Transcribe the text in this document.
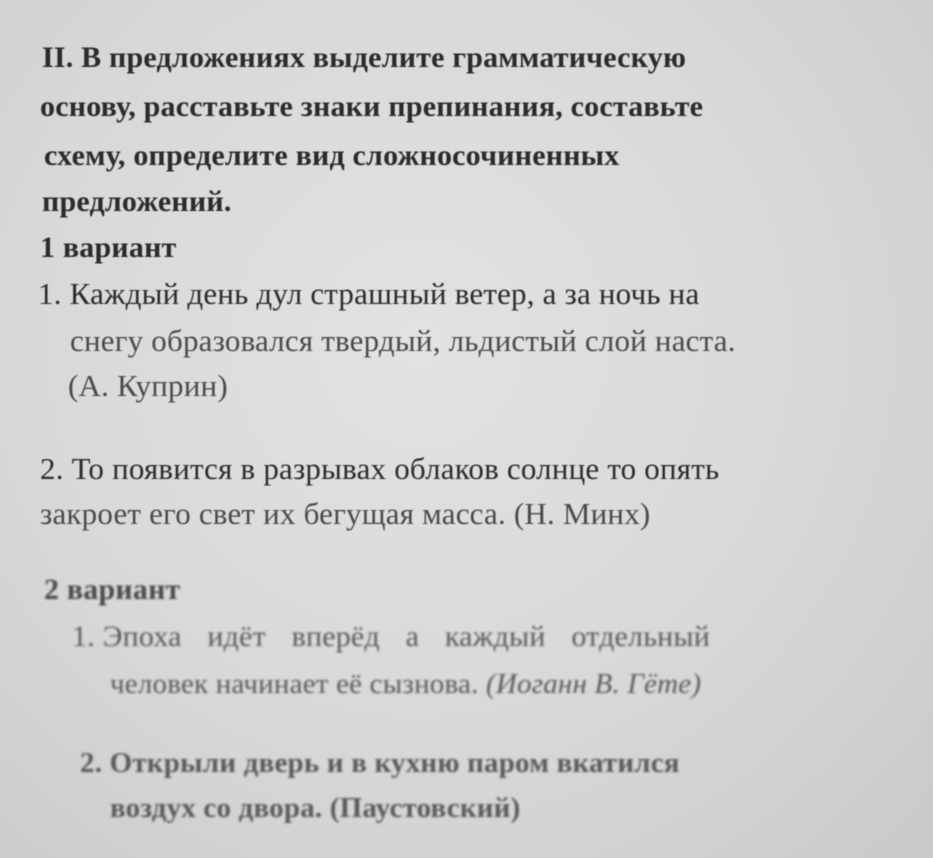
II. В предложениях выделите грамматическую
основу, расставьте знаки препинания, составьте
схему, определите вид сложносочиненных
предложений.
1 вариант
1. Каждый день дул страшный ветер, а за ночь на
снегу образовался твердый, льдистый слой наста.
(А. Куприн)
2. То появится в разрывах облаков солнце то опять
закроет его свет их бегущая масса. (Н. Минх)
2 вариант
1. Эпоха идёт вперёд а каждый отдельный
человек начинает её сызнова. (Иоганн В. Гёте)
2. Открыли дверь и в кухню паром вкатился
воздух со двора. (Паустовский)
